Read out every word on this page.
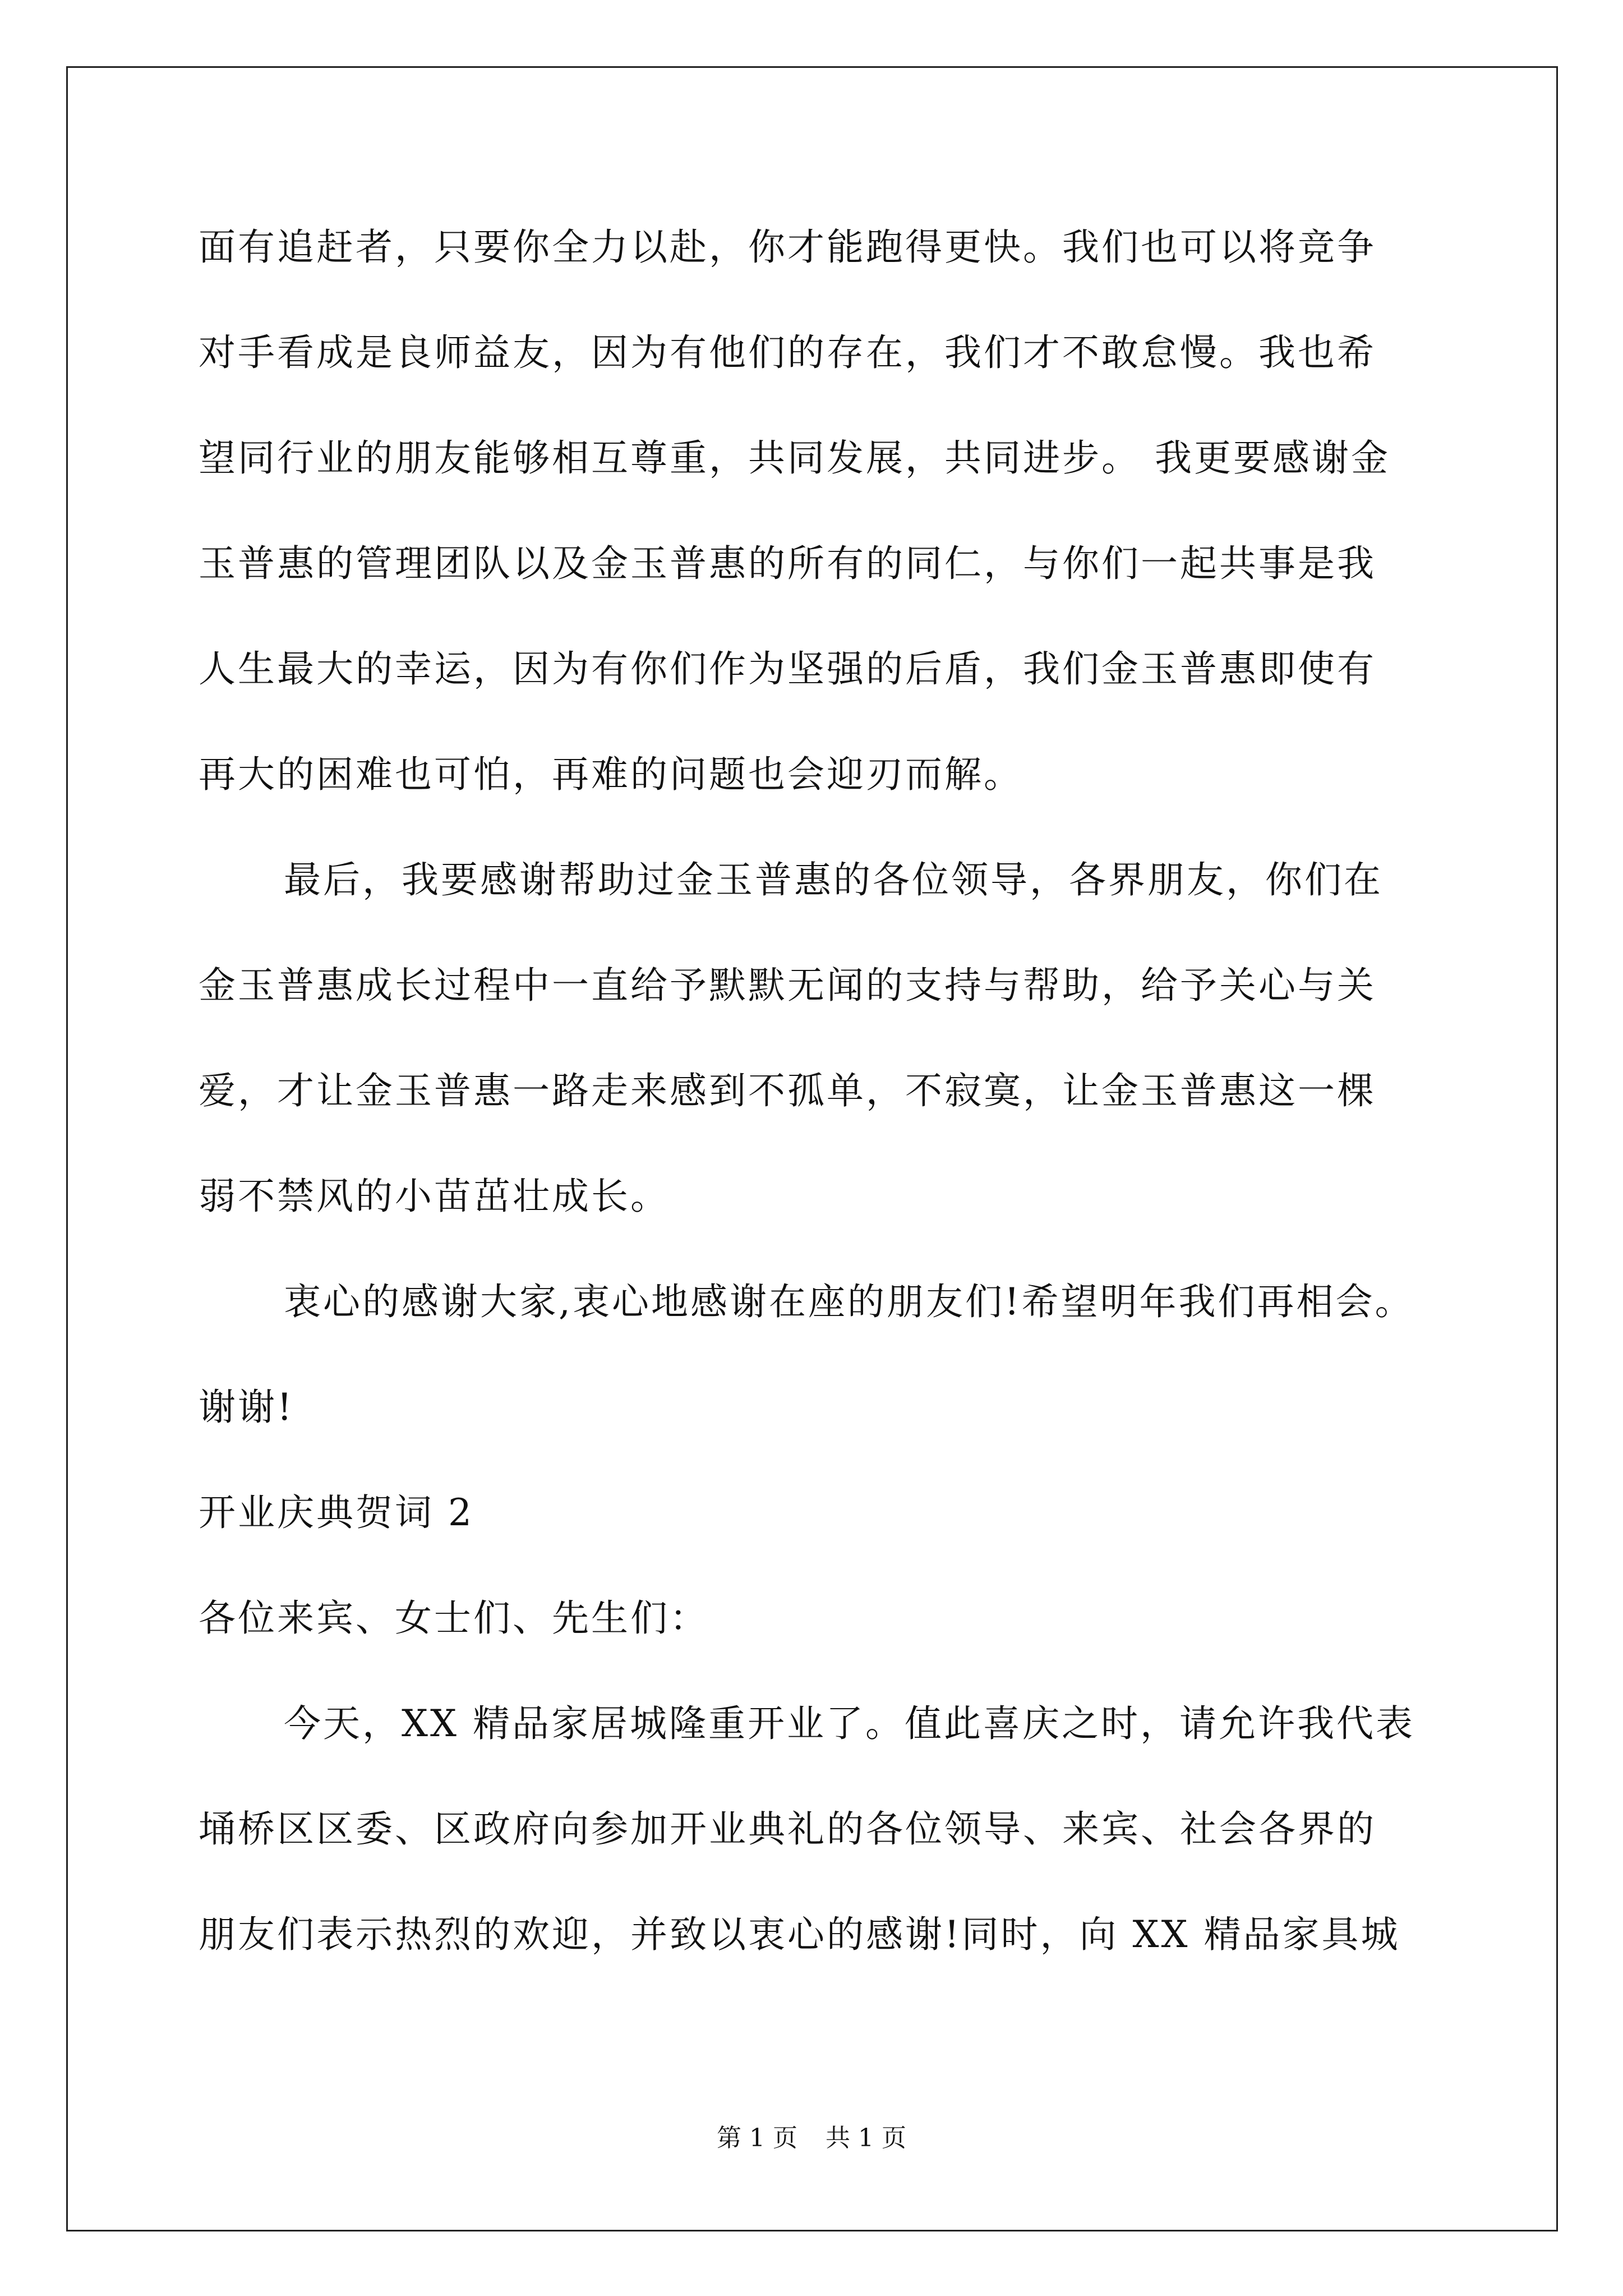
面有追赶者，只要你全力以赴，你才能跑得更快。我们也可以将竞争
对手看成是良师益友，因为有他们的存在，我们才不敢怠慢。我也希
望同行业的朋友能够相互尊重，共同发展，共同进步。 我更要感谢金
玉普惠的管理团队以及金玉普惠的所有的同仁，与你们一起共事是我
人生最大的幸运，因为有你们作为坚强的后盾，我们金玉普惠即使有
再大的困难也可怕，再难的问题也会迎刃而解。
最后，我要感谢帮助过金玉普惠的各位领导，各界朋友，你们在
金玉普惠成长过程中一直给予默默无闻的支持与帮助，给予关心与关
爱，才让金玉普惠一路走来感到不孤单，不寂寞，让金玉普惠这一棵
弱不禁风的小苗茁壮成长。
衷心的感谢大家,衷心地感谢在座的朋友们!希望明年我们再相会。
谢谢!
开业庆典贺词 2
各位来宾、女士们、先生们：
今天，XX 精品家居城隆重开业了。值此喜庆之时，请允许我代表
埇桥区区委、区政府向参加开业典礼的各位领导、来宾、社会各界的
朋友们表示热烈的欢迎，并致以衷心的感谢!同时，向 XX 精品家具城
第 1 页 共 1 页
